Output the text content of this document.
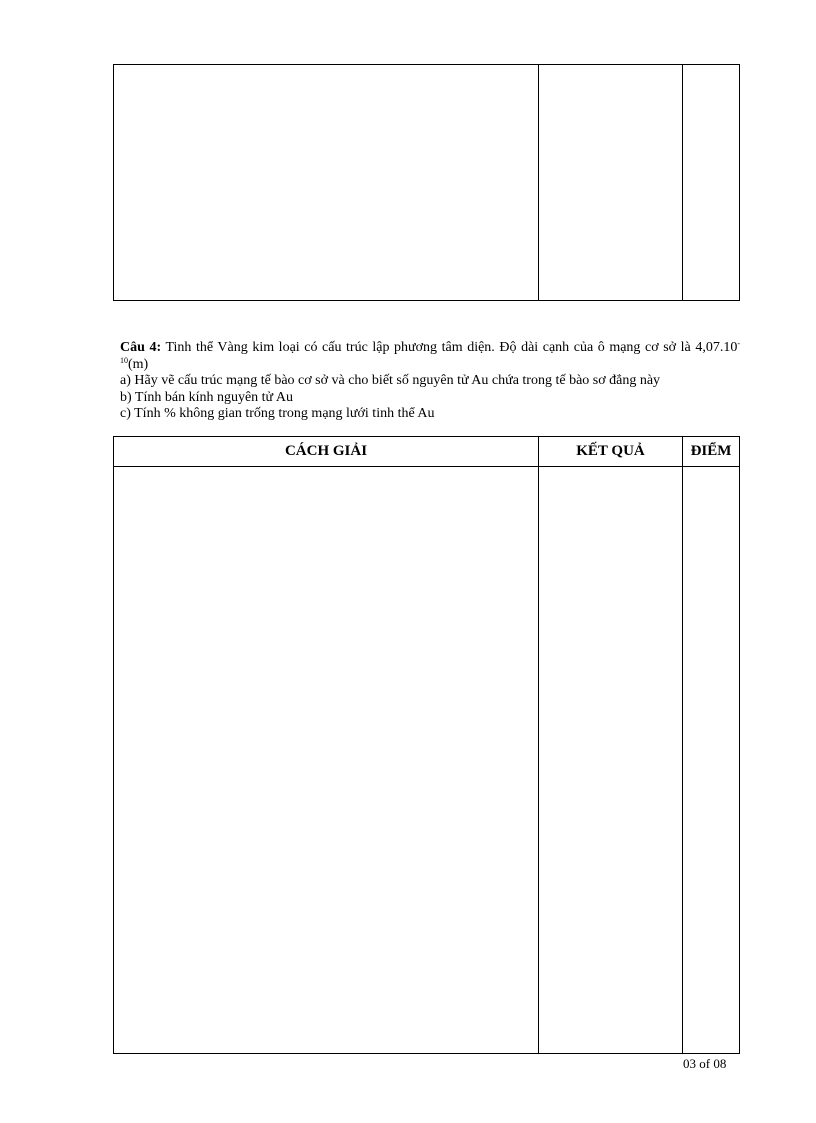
Câu 4: Tinh thể Vàng kim loại có cấu trúc lập phương tâm diện. Độ dài cạnh của ô mạng cơ sở là $4,07.10^{-10}(m)$

a) Hãy vẽ cấu trúc mạng tế bào cơ sở và cho biết số nguyên tử Au chứa trong tế bào sơ đẳng này

b) Tính bán kính nguyên tử Au

c) Tính % không gian trống trong mạng lưới tinh thể Au

CÁCH GIẢI	KẾT QUẢ	ĐIỂM
03 of 08
